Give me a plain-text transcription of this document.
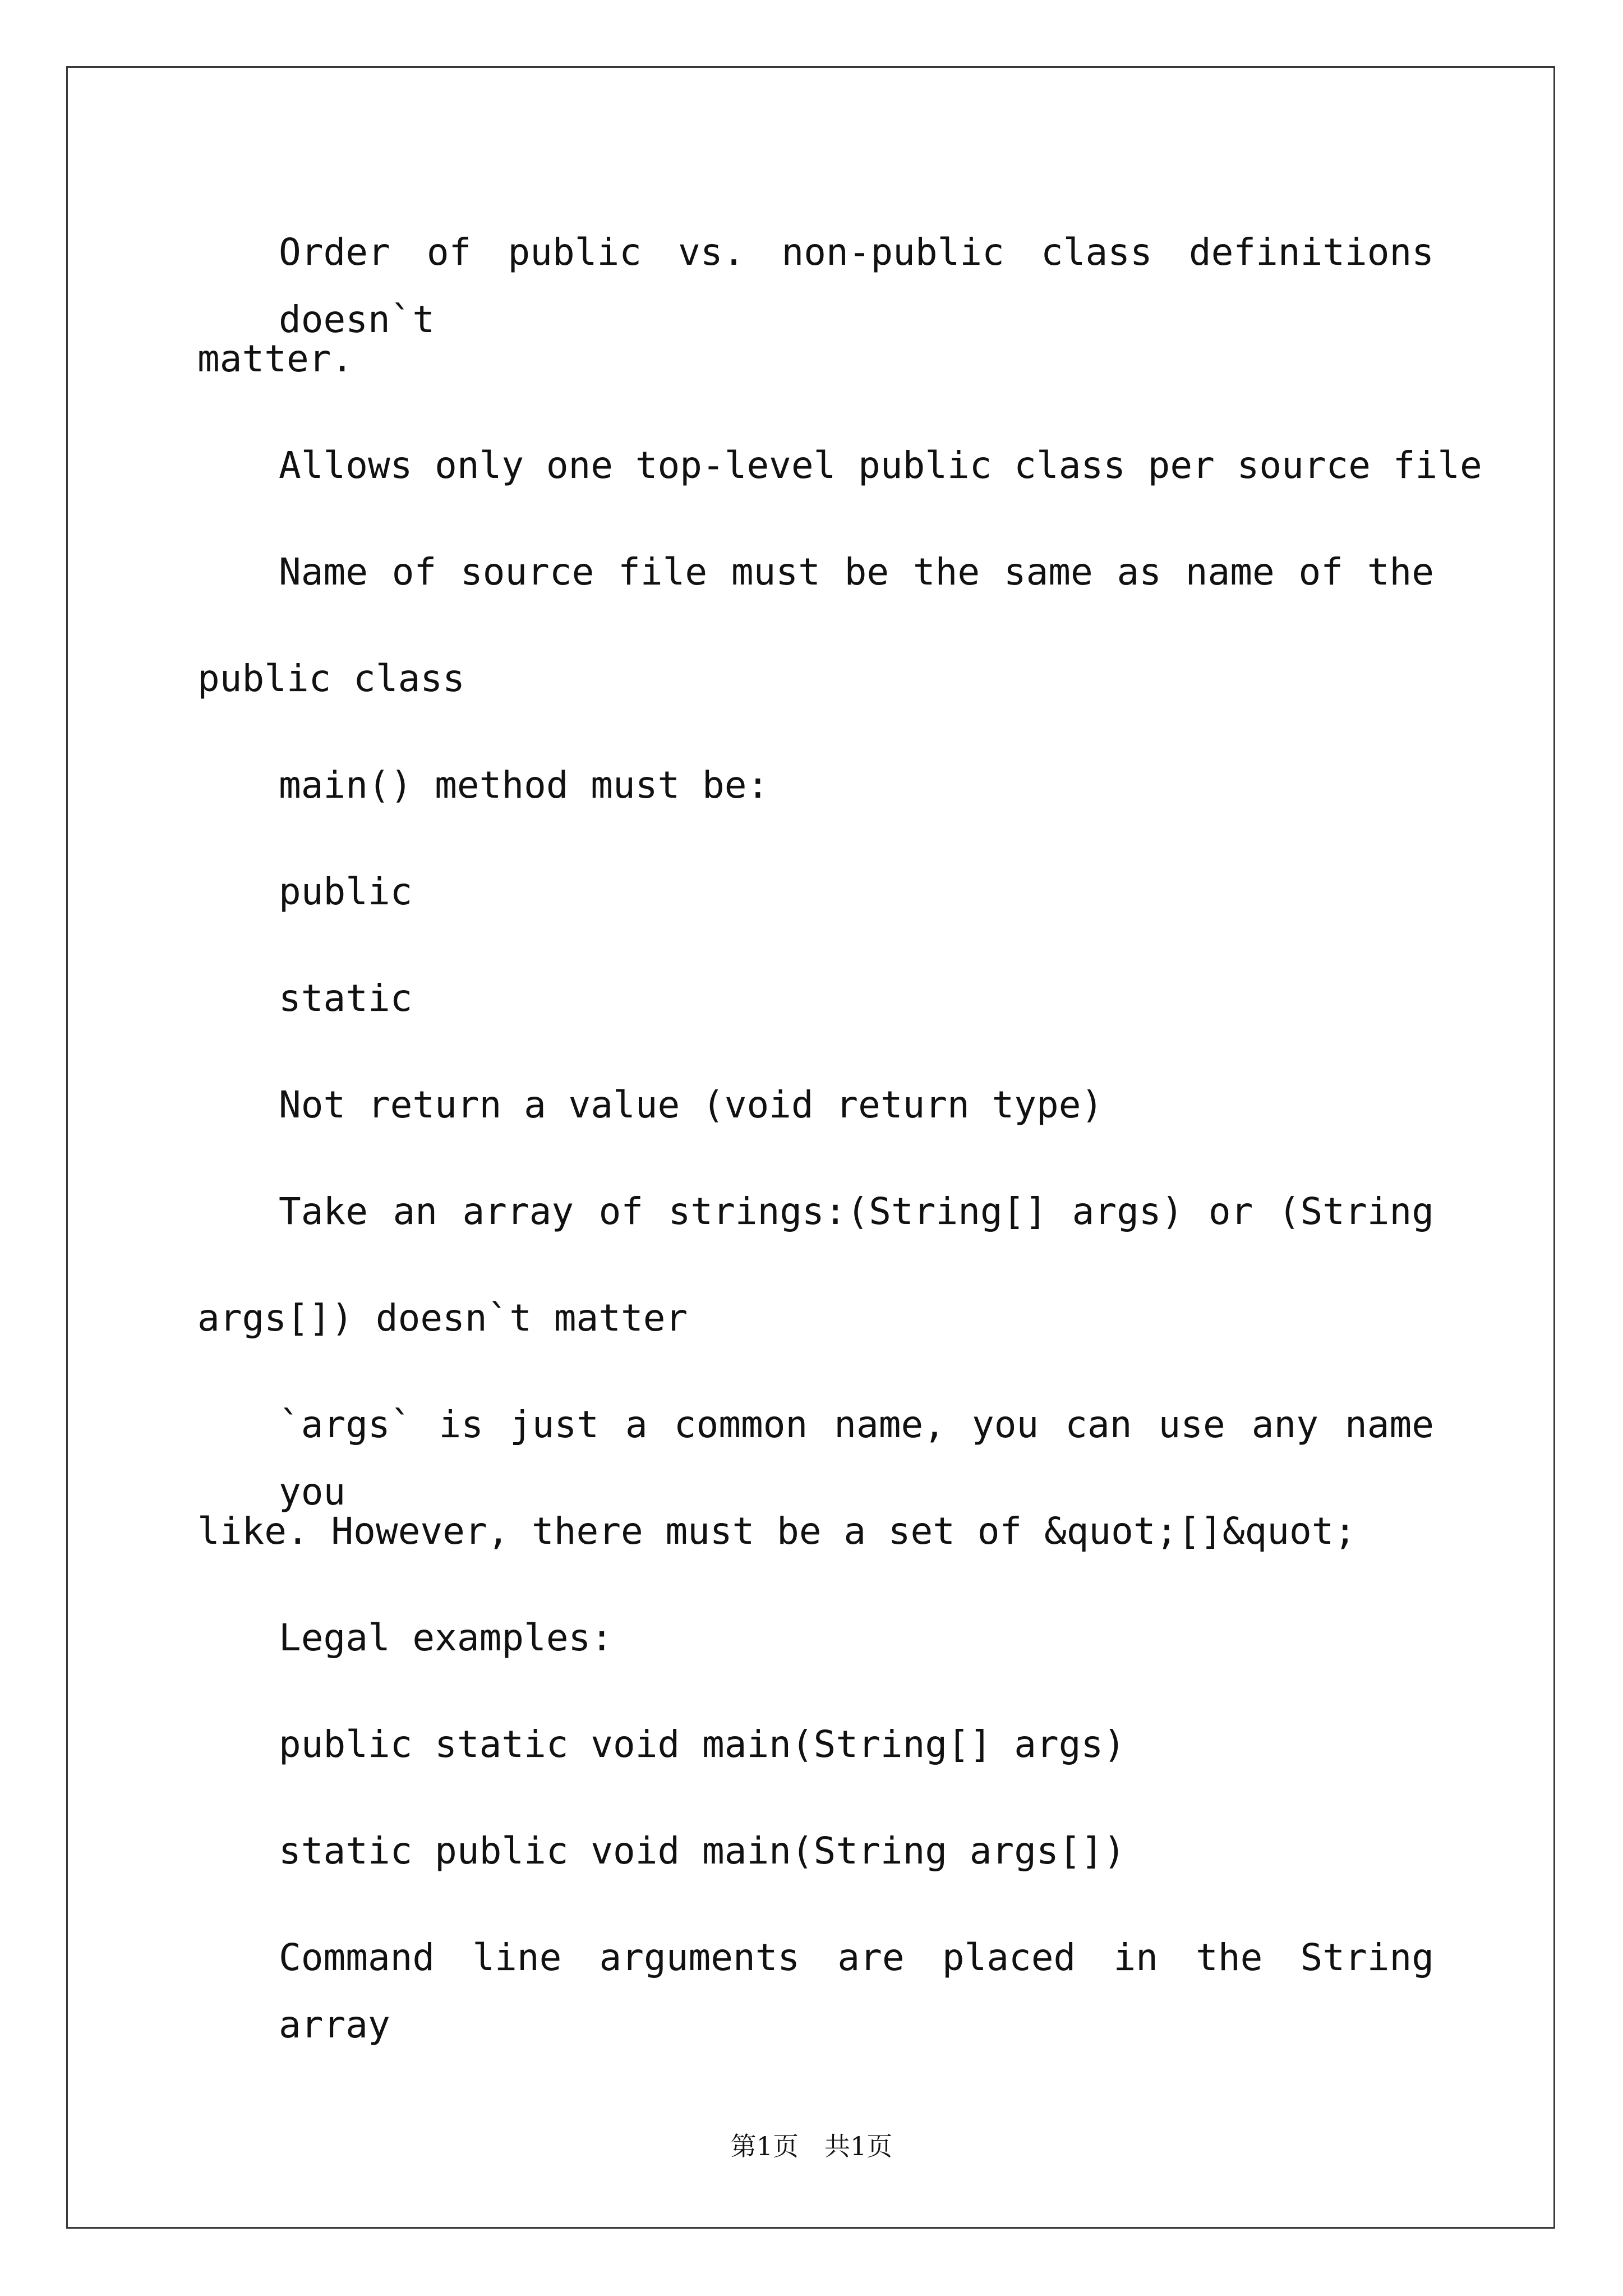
Order of public vs. non-public class definitions doesn`t
matter.
Allows only one top-level public class per source file
Name of source file must be the same as name of the
public class
main() method must be:
public
static
Not return a value (void return type)
Take an array of strings:(String[] args) or (String
args[]) doesn`t matter
`args` is just a common name, you can use any name you
like. However, there must be a set of &quot;[]&quot;
Legal examples:
public static void main(String[] args)
static public void main(String args[])
Command line arguments are placed in the String array
第1页　共1页
